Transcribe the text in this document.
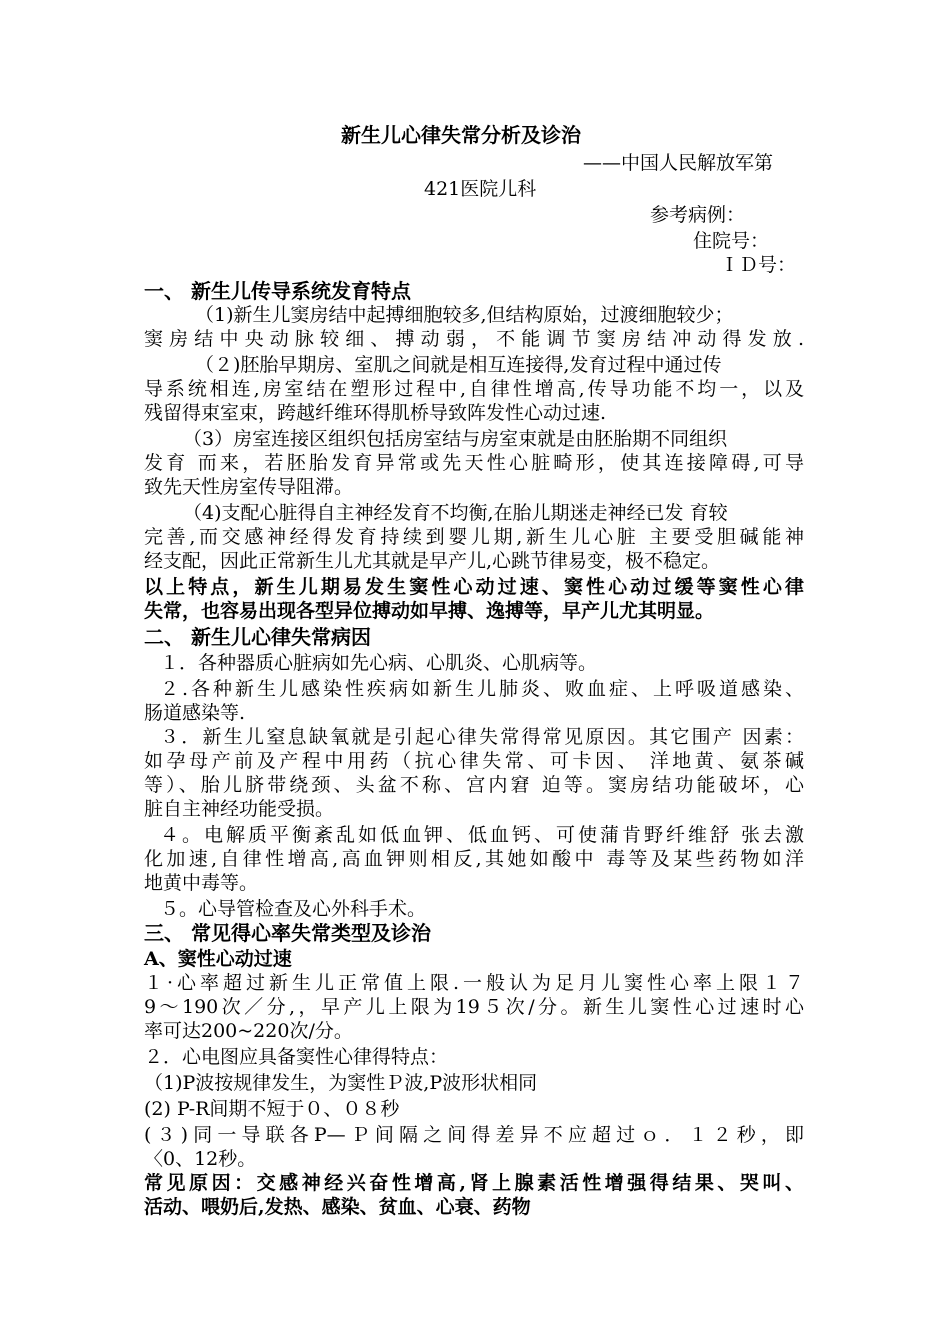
新生儿心律失常分析及诊治
——中国人民解放军第
421医院儿科
参考病例：
住院号：
ＩＤ号：
一、 新生儿传导系统发育特点
（1)新生儿窦房结中起搏细胞较多,但结构原始，过渡细胞较少；
窦房结中央动脉较细、搏动弱，不能调节窦房结冲动得发放.
（２)胚胎早期房、室肌之间就是相互连接得,发育过程中通过传
导系统相连,房室结在塑形过程中,自律性增高,传导功能不均一，以及
残留得束室束，跨越纤维环得肌桥导致阵发性心动过速.
（3）房室连接区组织包括房室结与房室束就是由胚胎期不同组织
发育 而来，若胚胎发育异常或先天性心脏畸形，使其连接障碍,可导
致先天性房室传导阻滞。
（4)支配心脏得自主神经发育不均衡,在胎儿期迷走神经已发 育较
完善,而交感神经得发育持续到婴儿期,新生儿心脏 主要受胆碱能神
经支配，因此正常新生儿尤其就是早产儿,心跳节律易变，极不稳定。
以上特点，新生儿期易发生窦性心动过速、窦性心动过缓等窦性心律
失常，也容易出现各型异位搏动如早搏、逸搏等，早产儿尤其明显。
二、 新生儿心律失常病因
１．各种器质心脏病如先心病、心肌炎、心肌病等。
２.各种新生儿感染性疾病如新生儿肺炎、败血症、上呼吸道感染、
肠道感染等.
３．新生儿窒息缺氧就是引起心律失常得常见原因。其它围产 因素：
如孕母产前及产程中用药（抗心律失常、可卡因、 洋地黄、氨茶碱
等）、胎儿脐带绕颈、头盆不称、宫内窘 迫等。窦房结功能破坏，心
脏自主神经功能受损。
４。电解质平衡紊乱如低血钾、低血钙、可使蒲肯野纤维舒 张去激
化加速,自律性增高,高血钾则相反,其她如酸中 毒等及某些药物如洋
地黄中毒等。
５。心导管检查及心外科手术。
三、 常见得心率失常类型及诊治
A、窦性心动过速
１·心率超过新生儿正常值上限.一般认为足月儿窦性心率上限１７
9～190次／分,，早产儿上限为19５次/分。新生儿窦性心过速时心
率可达200~220次/分。
２．心电图应具备窦性心律得特点：
（1)P波按规律发生，为窦性Ｐ波,P波形状相同
(2) P-R间期不短于０、０８秒
(３)同一导联各P—Ｐ间隔之间得差异不应超过ｏ．１２秒，即
〈0、12秒。
常见原因：交感神经兴奋性增高,肾上腺素活性增强得结果、哭叫、
活动、喂奶后,发热、感染、贫血、心衰、药物
